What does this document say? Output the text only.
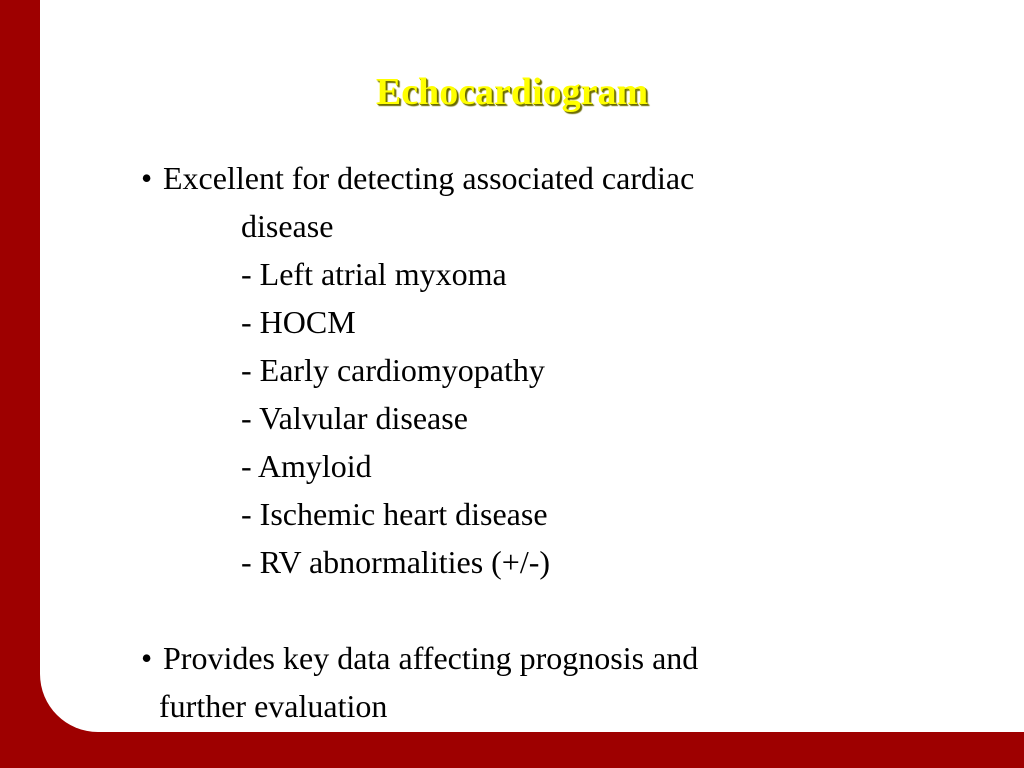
Echocardiogram
• Excellent for detecting associated cardiac
disease
- Left atrial myxoma
- HOCM
- Early cardiomyopathy
- Valvular disease
- Amyloid
- Ischemic heart disease
- RV abnormalities (+/-)
• Provides key data affecting prognosis and
further evaluation
